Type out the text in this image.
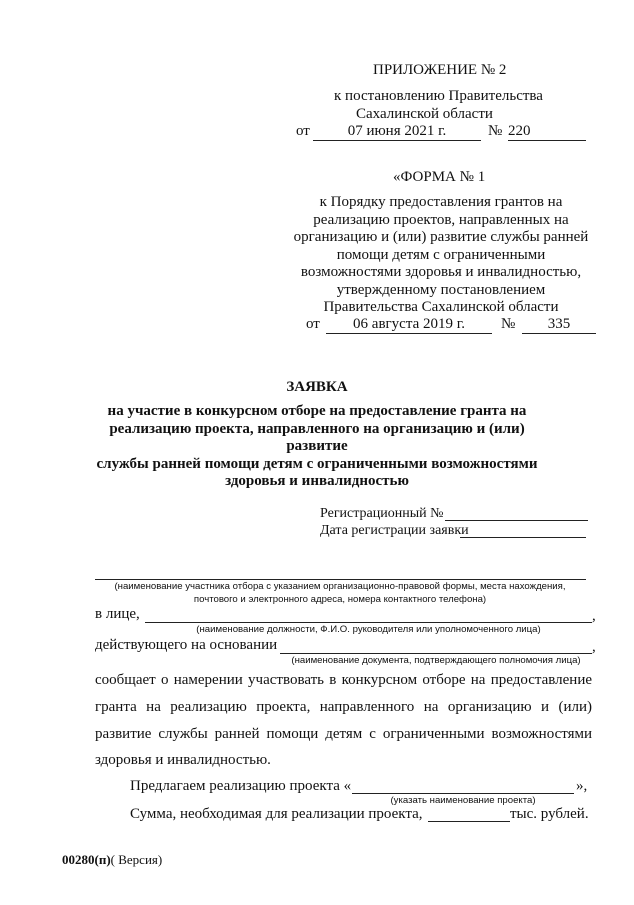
ПРИЛОЖЕНИЕ № 2
к постановлению Правительства
Сахалинской области
от	07 июня 2021 г.	№ 220
«ФОРМА № 1
к Порядку предоставления грантов на
реализацию проектов, направленных на
организацию и (или) развитие службы ранней
помощи детям с ограниченными
возможностями здоровья и инвалидностью,
утвержденному постановлением
Правительства Сахалинской области
от	06 августа 2019 г.	№	335
ЗАЯВКА
на участие в конкурсном отборе на предоставление гранта на
реализацию проекта, направленного на организацию и (или) развитие
службы ранней помощи детям с ограниченными возможностями
здоровья и инвалидностью
Регистрационный №
Дата регистрации заявки
(наименование участника отбора с указанием организационно-правовой формы, места нахождения,
почтового и электронного адреса, номера контактного телефона)
в лице,	,
(наименование должности, Ф.И.О. руководителя или уполномоченного лица)
действующего на основании	,
(наименование документа, подтверждающего полномочия лица)
сообщает о намерении участвовать в конкурсном отборе на предоставление
гранта на реализацию проекта, направленного на организацию и (или)
развитие службы ранней помощи детям с ограниченными возможностями
здоровья и инвалидностью.
Предлагаем реализацию проекта «	»,
(указать наименование проекта)
Сумма, необходимая для реализации проекта,	тыс. рублей.
00280(п)( Версия)
